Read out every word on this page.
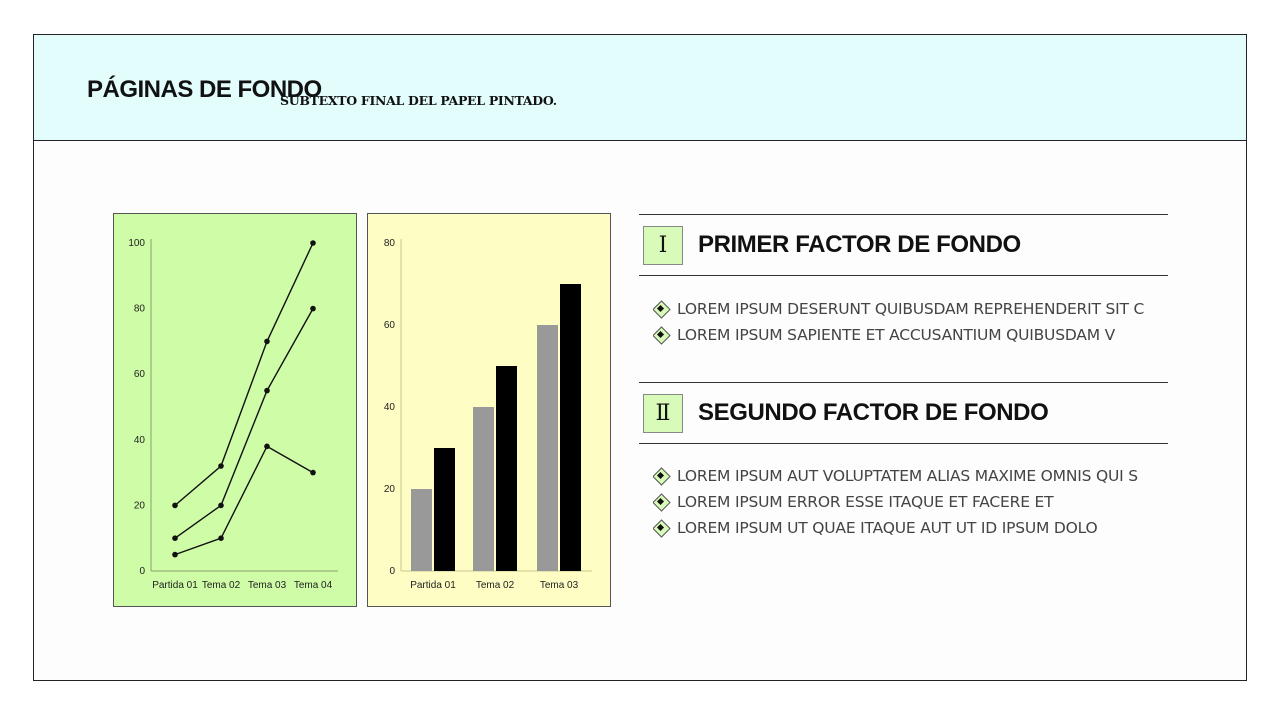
PÁGINAS DE FONDO
SUBTEXTO FINAL DEL PAPEL PINTADO.
0
20
40
60
80
100
Partida 01 Tema 02 Tema 03 Tema 04
0
20
40
60
80
Partida 01 Tema 02	Tema 03
Ⅰ	PRIMER FACTOR DE FONDO
LOREM IPSUM DESERUNT QUIBUSDAM REPREHENDERIT SIT C
LOREM IPSUM SAPIENTE ET ACCUSANTIUM QUIBUSDAM V
Ⅱ	SEGUNDO FACTOR DE FONDO
LOREM IPSUM AUT VOLUPTATEM ALIAS MAXIME OMNIS QUI S
LOREM IPSUM ERROR ESSE ITAQUE ET FACERE ET
LOREM IPSUM UT QUAE ITAQUE AUT UT ID IPSUM DOLO
